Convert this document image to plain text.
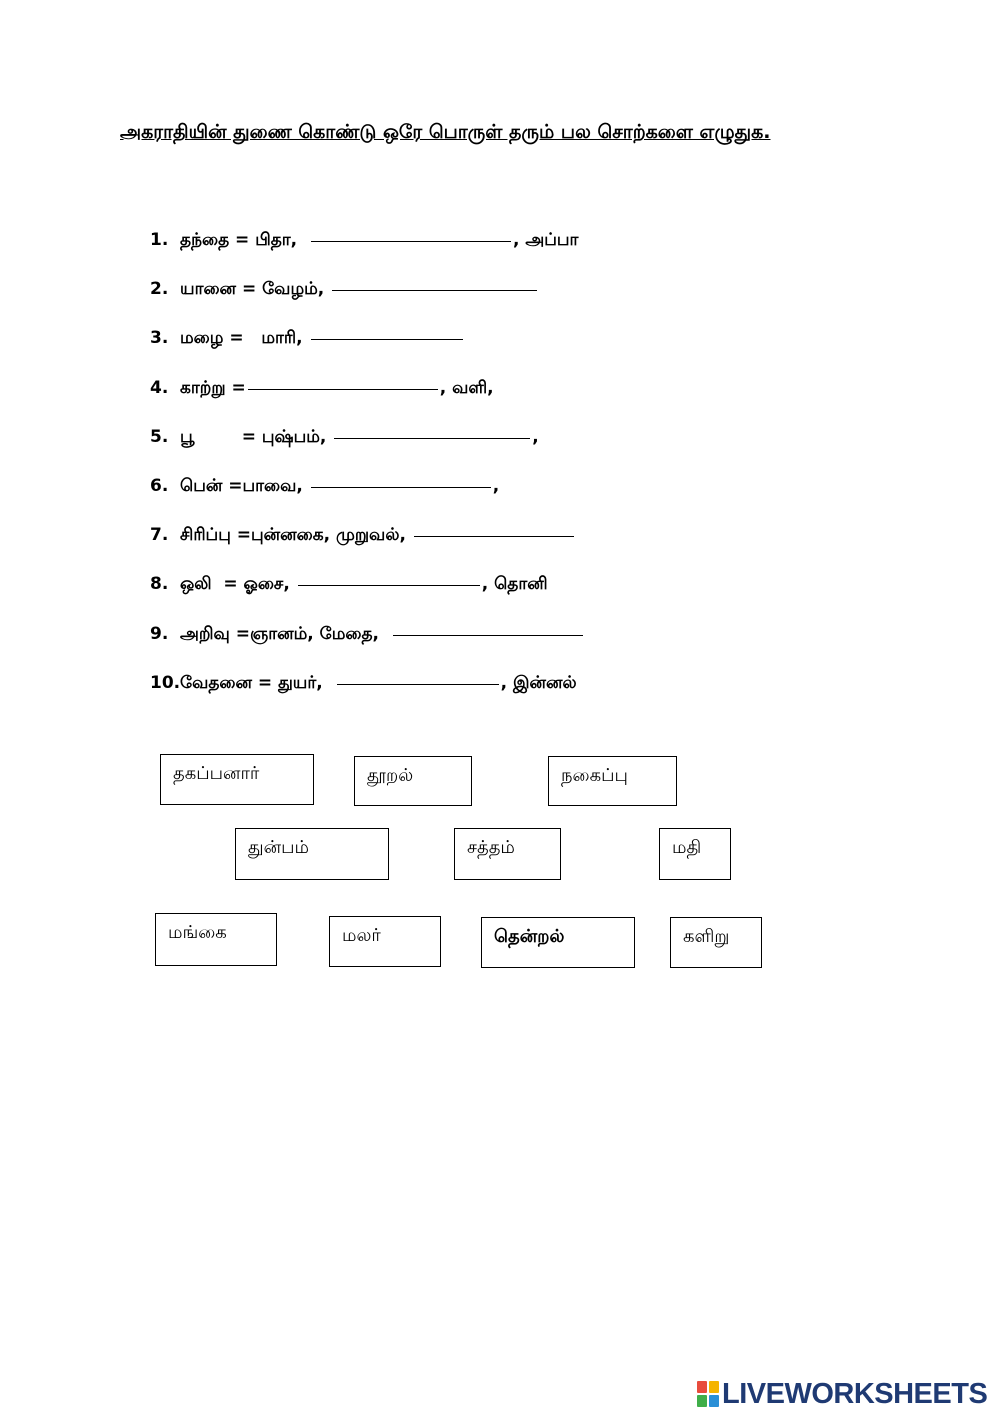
அகராதியின் துணை கொண்டு ஒரே பொருள் தரும் பல சொற்களை எழுதுக.
1. தந்தை = பிதா,	, அப்பா
2. யானை = வேழம்,
3. மழை =   மாரி,
4. காற்று =	, வளி,
5. பூ        = புஷ்பம்,	,
6. பென் =பாவை,	,
7. சிரிப்பு =புன்னகை, முறுவல்,
8. ஒலி  = ஓசை,	, தொனி
9. அறிவு =ஞானம், மேதை,
10. வேதனை = துயர்,	, இன்னல்
தகப்பனார்	தூறல்	நகைப்பு
துன்பம்	சத்தம்	மதி
மங்கை	மலர்	தென்றல்	களிறு
LIVEWORKSHEETS
